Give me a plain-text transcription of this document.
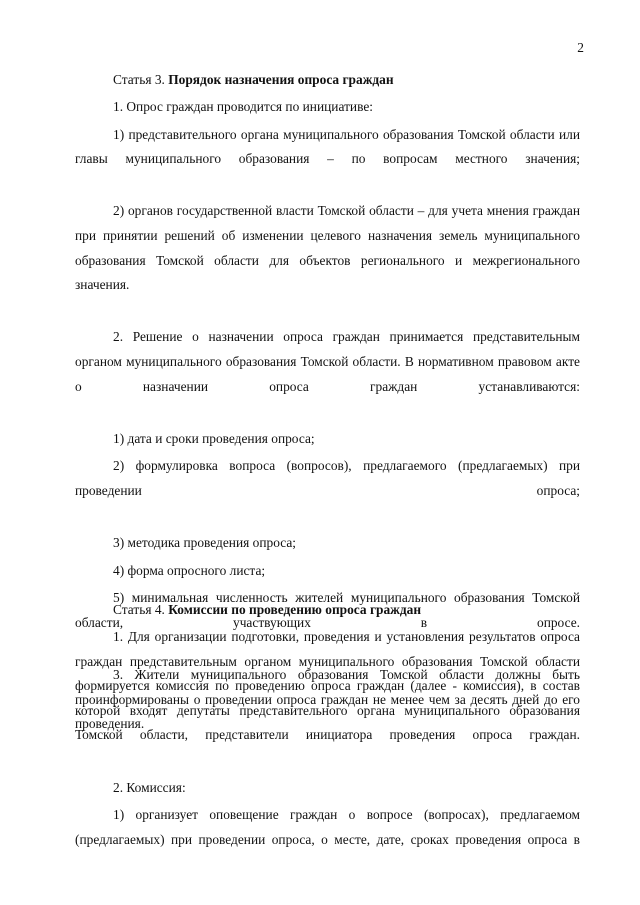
2

Статья 3. Порядок назначения опроса граждан

1. Опрос граждан проводится по инициативе:

1) представительного органа муниципального образования Томской области или главы муниципального образования – по вопросам местного значения;

2) органов государственной власти Томской области – для учета мнения граждан при принятии решений об изменении целевого назначения земель муниципального образования Томской области для объектов регионального и межрегионального значения.

2. Решение о назначении опроса граждан принимается представительным органом муниципального образования Томской области. В нормативном правовом акте о назначении опроса граждан устанавливаются:

1) дата и сроки проведения опроса;

2) формулировка вопроса (вопросов), предлагаемого (предлагаемых) при проведении опроса;

3) методика проведения опроса;

4) форма опросного листа;

5) минимальная численность жителей муниципального образования Томской области, участвующих в опросе.

3. Жители муниципального образования Томской области должны быть проинформированы о проведении опроса граждан не менее чем за десять дней до его проведения.

Статья 4. Комиссии по проведению опроса граждан

1. Для организации подготовки, проведения и установления результатов опроса граждан представительным органом муниципального образования Томской области формируется комиссия по проведению опроса граждан (далее - комиссия), в состав которой входят депутаты представительного органа муниципального образования Томской области, представители инициатора проведения опроса граждан.

2. Комиссия:

1) организует оповещение граждан о вопросе (вопросах), предлагаемом (предлагаемых) при проведении опроса, о месте, дате, сроках проведения опроса в
